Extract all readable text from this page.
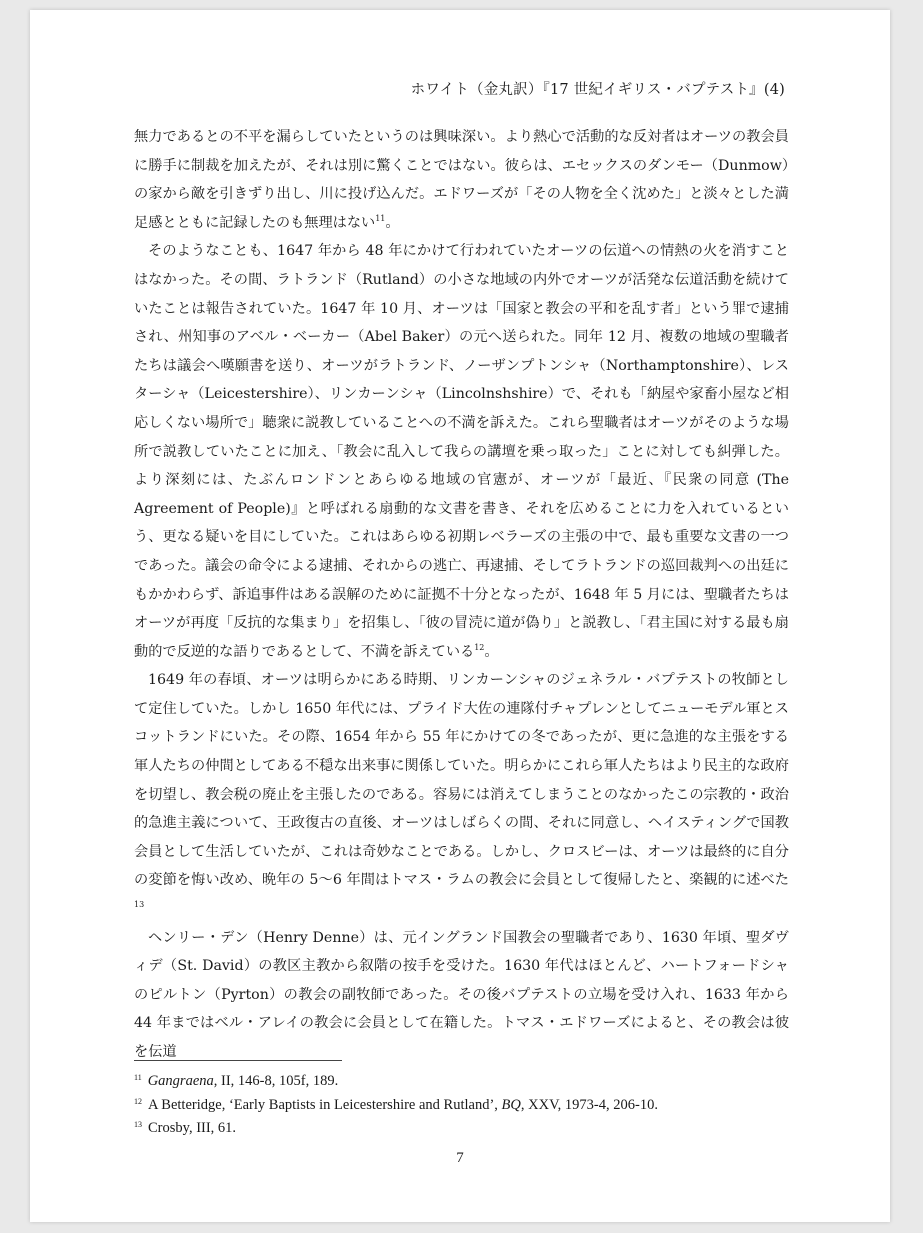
ホワイト（金丸訳）『17 世紀イギリス・バプテスト』(4)

無力であるとの不平を漏らしていたというのは興味深い。より熱心で活動的な反対者はオーツの教会員に勝手に制裁を加えたが、それは別に驚くことではない。彼らは、エセックスのダンモー（Dunmow）の家から敵を引きずり出し、川に投げ込んだ。エドワーズが「その人物を全く沈めた」と淡々とした満足感とともに記録したのも無理はない$^{11}$。

そのようなことも、1647 年から 48 年にかけて行われていたオーツの伝道への情熱の火を消すことはなかった。その間、ラトランド（Rutland）の小さな地域の内外でオーツが活発な伝道活動を続けていたことは報告されていた。1647 年 10 月、オーツは「国家と教会の平和を乱す者」という罪で逮捕され、州知事のアベル・ベーカー（Abel Baker）の元へ送られた。同年 12 月、複数の地域の聖職者たちは議会へ嘆願書を送り、オーツがラトランド、ノーザンプトンシャ（Northamptonshire）、レスターシャ（Leicestershire）、リンカーンシャ（Lincolnshshire）で、それも「納屋や家畜小屋など相応しくない場所で」聴衆に説教していることへの不満を訴えた。これら聖職者はオーツがそのような場所で説教していたことに加え、「教会に乱入して我らの講壇を乗っ取った」ことに対しても糾弾した。より深刻には、たぶんロンドンとあらゆる地域の官憲が、オーツが「最近、『民衆の同意 (The Agreement of People)』と呼ばれる扇動的な文書を書き、それを広めることに力を入れているという、更なる疑いを目にしていた。これはあらゆる初期レベラーズの主張の中で、最も重要な文書の一つであった。議会の命令による逮捕、それからの逃亡、再逮捕、そしてラトランドの巡回裁判への出廷にもかかわらず、訴追事件はある誤解のために証拠不十分となったが、1648 年 5 月には、聖職者たちはオーツが再度「反抗的な集まり」を招集し、「彼の冒涜に道が偽り」と説教し、「君主国に対する最も扇動的で反逆的な語りであるとして、不満を訴えている$^{12}$。

1649 年の春頃、オーツは明らかにある時期、リンカーンシャのジェネラル・バプテストの牧師として定住していた。しかし 1650 年代には、プライド大佐の連隊付チャプレンとしてニューモデル軍とスコットランドにいた。その際、1654 年から 55 年にかけての冬であったが、更に急進的な主張をする軍人たちの仲間としてある不穏な出来事に関係していた。明らかにこれら軍人たちはより民主的な政府を切望し、教会税の廃止を主張したのである。容易には消えてしまうことのなかったこの宗教的・政治的急進主義について、王政復古の直後、オーツはしばらくの間、それに同意し、ヘイスティングで国教会員として生活していたが、これは奇妙なことである。しかし、クロスビーは、オーツは最終的に自分の変節を悔い改め、晩年の 5〜6 年間はトマス・ラムの教会に会員として復帰したと、楽観的に述べた$^{13}$

ヘンリー・デン（Henry Denne）は、元イングランド国教会の聖職者であり、1630 年頃、聖ダヴィデ（St. David）の教区主教から叙階の按手を受けた。1630 年代はほとんど、ハートフォードシャのピルトン（Pyrton）の教会の副牧師であった。その後バプテストの立場を受け入れ、1633 年から 44 年まではベル・アレイの教会に会員として在籍した。トマス・エドワーズによると、その教会は彼を伝道

$^{11}$ Gangraena, II, 146-8, 105f, 189.
$^{12}$ A Betteridge, ‘Early Baptists in Leicestershire and Rutland’, BQ, XXV, 1973-4, 206-10.
$^{13}$ Crosby, III, 61.
7
